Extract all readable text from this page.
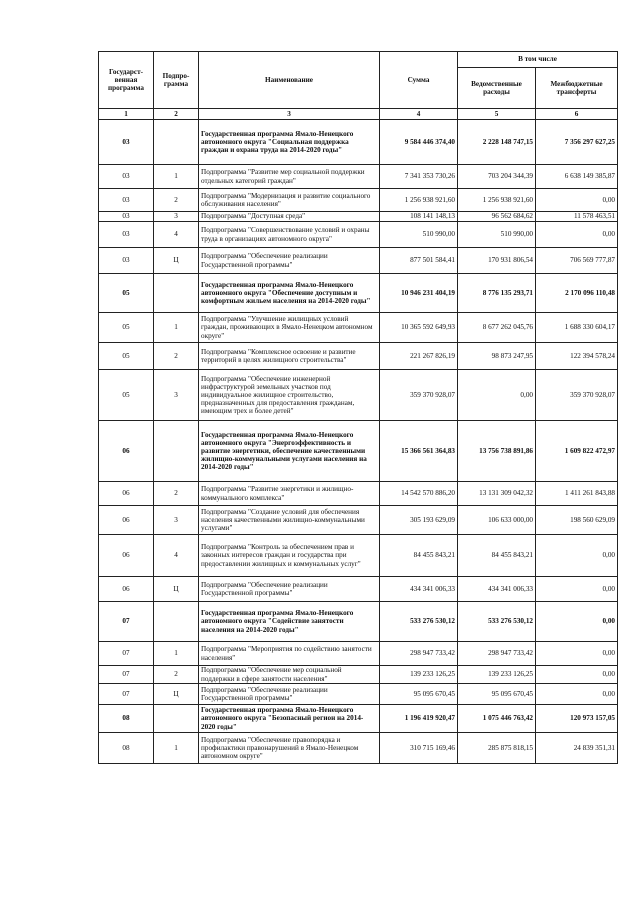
Государст-венная программа	Подпро-грамма	Наименование	Сумма	В том числе	
				Ведомственные расходы	Межбюджетные трансферты
1	2	3	4	5	6
03		Государственная программа Ямало-Ненецкого автономного округа "Социальная поддержка граждан и охрана труда на 2014-2020 годы"	9 584 446 374,40	2 228 148 747,15	7 356 297 627,25
03	1	Подпрограмма "Развитие мер социальной поддержки отдельных категорий граждан"	7 341 353 730,26	703 204 344,39	6 638 149 385,87
03	2	Подпрограмма "Модернизация и развитие социального обслуживания населения"	1 256 938 921,60	1 256 938 921,60	0,00
03	3	Подпрограмма "Доступная среда"	108 141 148,13	96 562 684,62	11 578 463,51
03	4	Подпрограмма "Совершенствование условий и охраны труда в организациях автономного округа"	510 990,00	510 990,00	0,00
03	Ц	Подпрограмма "Обеспечение реализации Государственной программы"	877 501 584,41	170 931 806,54	706 569 777,87
05		Государственная программа Ямало-Ненецкого автономного округа "Обеспечение доступным и комфортным жильем населения на 2014-2020 годы"	10 946 231 404,19	8 776 135 293,71	2 170 096 110,48
05	1	Подпрограмма "Улучшение жилищных условий граждан, проживающих в Ямало-Ненецком автономном округе"	10 365 592 649,93	8 677 262 045,76	1 688 330 604,17
05	2	Подпрограмма "Комплексное освоение и развитие территорий в целях жилищного строительства"	221 267 826,19	98 873 247,95	122 394 578,24
05	3	Подпрограмма "Обеспечение инженерной инфраструктурой земельных участков под индивидуальное жилищное строительство, предназначенных для предоставления гражданам, имеющим трех и более детей"	359 370 928,07	0,00	359 370 928,07
06		Государственная программа Ямало-Ненецкого автономного округа "Энергоэффективность и развитие энергетики, обеспечение качественными жилищно-коммунальными услугами населения на 2014-2020 годы"	15 366 561 364,83	13 756 738 891,86	1 609 822 472,97
06	2	Подпрограмма "Развитие энергетики и жилищно-коммунального комплекса"	14 542 570 886,20	13 131 309 042,32	1 411 261 843,88
06	3	Подпрограмма "Создание условий для обеспечения населения качественными жилищно-коммунальными услугами"	305 193 629,09	106 633 000,00	198 560 629,09
06	4	Подпрограмма "Контроль за обеспечением прав и законных интересов граждан и государства при предоставлении жилищных и коммунальных услуг"	84 455 843,21	84 455 843,21	0,00
06	Ц	Подпрограмма "Обеспечение реализации Государственной программы"	434 341 006,33	434 341 006,33	0,00
07		Государственная программа Ямало-Ненецкого автономного округа "Содействие занятости населения на 2014-2020 годы"	533 276 530,12	533 276 530,12	0,00
07	1	Подпрограмма "Мероприятия по содействию занятости населения"	298 947 733,42	298 947 733,42	0,00
07	2	Подпрограмма "Обеспечение мер социальной поддержки в сфере занятости населения"	139 233 126,25	139 233 126,25	0,00
07	Ц	Подпрограмма "Обеспечение реализации Государственной программы"	95 095 670,45	95 095 670,45	0,00
08		Государственная программа Ямало-Ненецкого автономного округа "Безопасный регион на 2014-2020 годы"	1 196 419 920,47	1 075 446 763,42	120 973 157,05
08	1	Подпрограмма "Обеспечение правопорядка и профилактики правонарушений в Ямало-Ненецком автономном округе"	310 715 169,46	285 875 818,15	24 839 351,31
